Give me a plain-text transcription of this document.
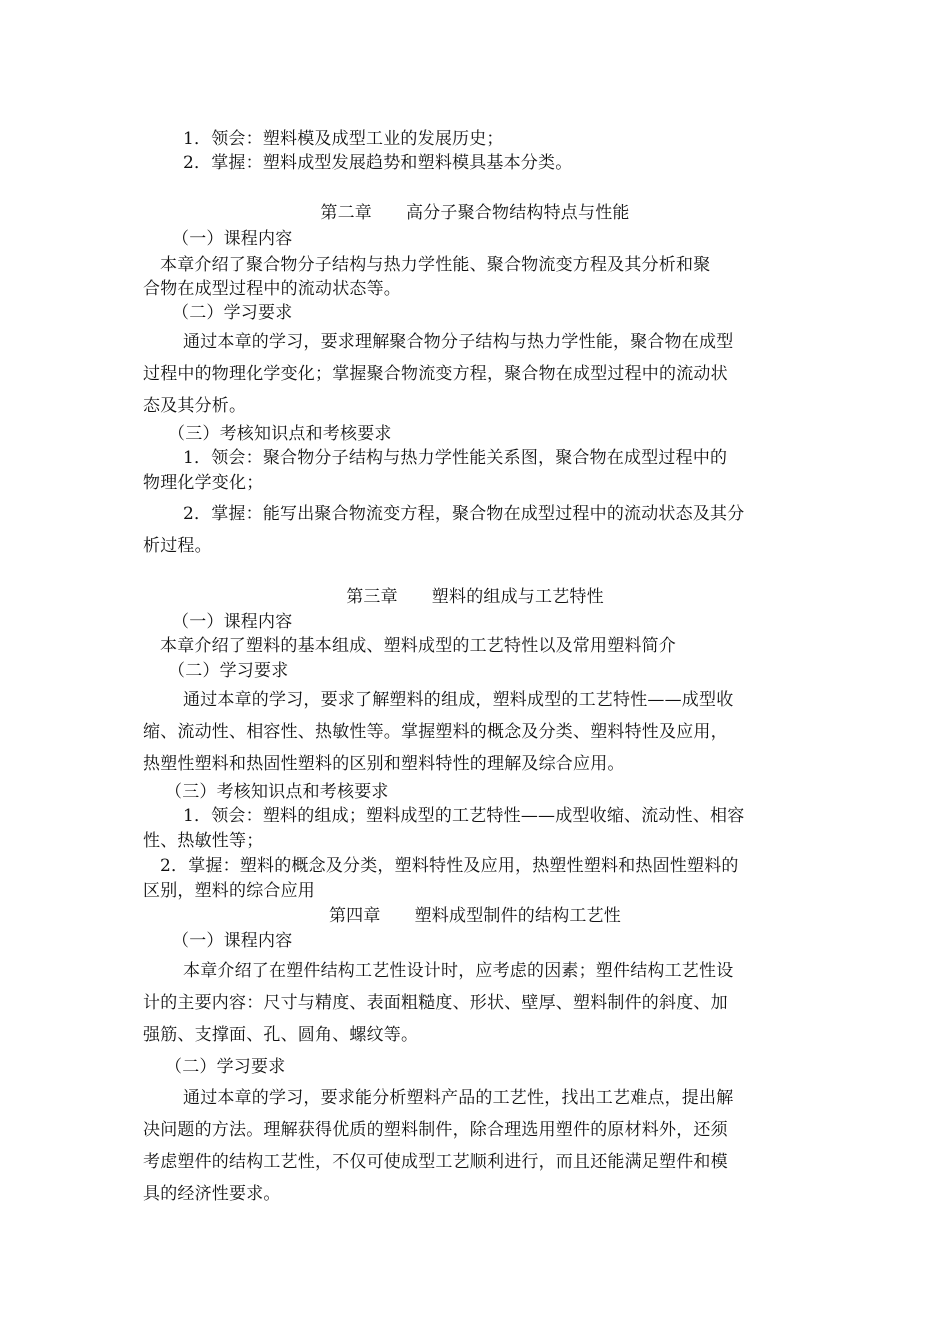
1．领会：塑料模及成型工业的发展历史；
2．掌握：塑料成型发展趋势和塑料模具基本分类。
第二章 高分子聚合物结构特点与性能
（一）课程内容
本章介绍了聚合物分子结构与热力学性能、聚合物流变方程及其分析和聚
合物在成型过程中的流动状态等。
（二）学习要求
通过本章的学习，要求理解聚合物分子结构与热力学性能，聚合物在成型
过程中的物理化学变化；掌握聚合物流变方程，聚合物在成型过程中的流动状
态及其分析。
（三）考核知识点和考核要求
1．领会：聚合物分子结构与热力学性能关系图，聚合物在成型过程中的
物理化学变化；
2．掌握：能写出聚合物流变方程，聚合物在成型过程中的流动状态及其分
析过程。
第三章 塑料的组成与工艺特性
（一）课程内容
本章介绍了塑料的基本组成、塑料成型的工艺特性以及常用塑料简介
（二）学习要求
通过本章的学习，要求了解塑料的组成，塑料成型的工艺特性——成型收
缩、流动性、相容性、热敏性等。掌握塑料的概念及分类、塑料特性及应用，
热塑性塑料和热固性塑料的区别和塑料特性的理解及综合应用。
（三）考核知识点和考核要求
1．领会：塑料的组成；塑料成型的工艺特性——成型收缩、流动性、相容
性、热敏性等；
2．掌握：塑料的概念及分类，塑料特性及应用，热塑性塑料和热固性塑料的
区别，塑料的综合应用
第四章 塑料成型制件的结构工艺性
（一）课程内容
本章介绍了在塑件结构工艺性设计时，应考虑的因素；塑件结构工艺性设
计的主要内容：尺寸与精度、表面粗糙度、形状、壁厚、塑料制件的斜度、加
强筋、支撑面、孔、圆角、螺纹等。
（二）学习要求
通过本章的学习，要求能分析塑料产品的工艺性，找出工艺难点，提出解
决问题的方法。理解获得优质的塑料制件，除合理选用塑件的原材料外，还须
考虑塑件的结构工艺性，不仅可使成型工艺顺利进行，而且还能满足塑件和模
具的经济性要求。
